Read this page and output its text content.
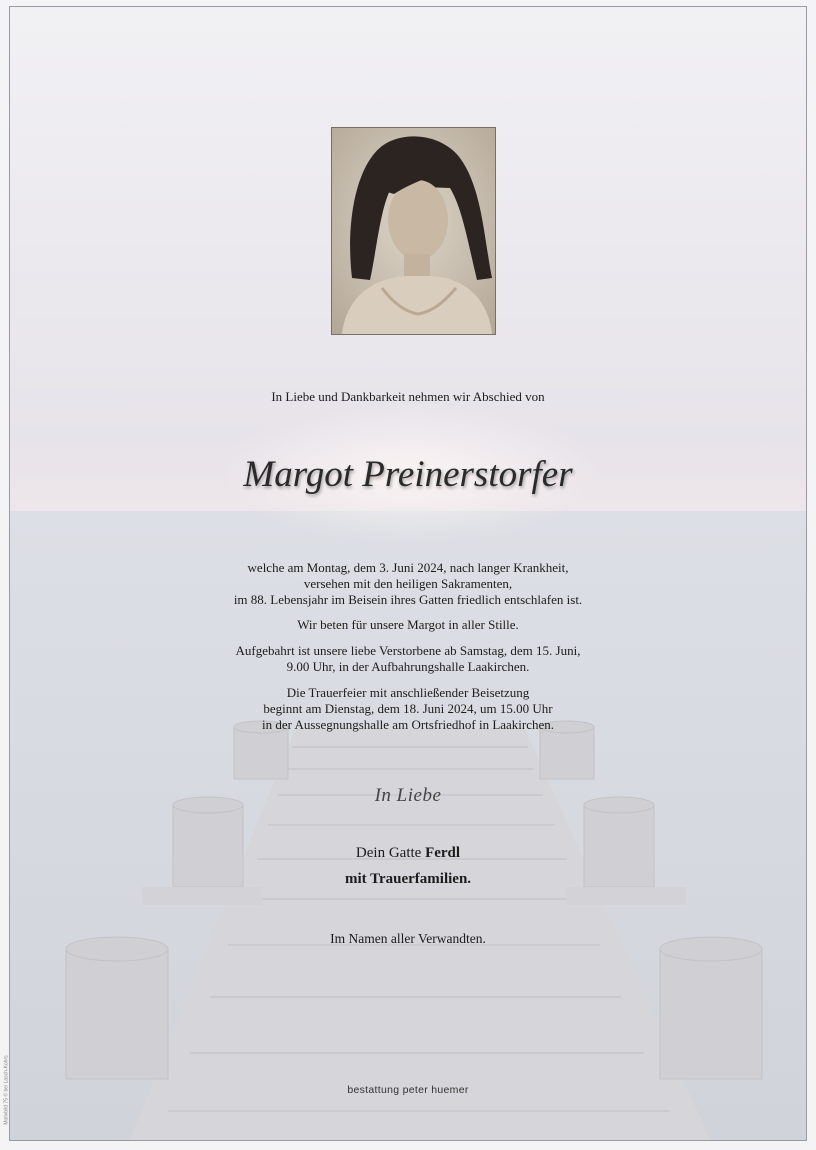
In Liebe und Dankbarkeit nehmen wir Abschied von
Margot Preinerstorfer
welche am Montag, dem 3. Juni 2024, nach langer Krankheit,
versehen mit den heiligen Sakramenten,
im 88. Lebensjahr im Beisein ihres Gatten friedlich entschlafen ist.
Wir beten für unsere Margot in aller Stille.
Aufgebahrt ist unsere liebe Verstorbene ab Samstag, dem 15. Juni,
9.00 Uhr, in der Aufbahrungshalle Laakirchen.
Die Trauerfeier mit anschließender Beisetzung
beginnt am Dienstag, dem 18. Juni 2024, um 15.00 Uhr
in der Aussegnungshalle am Ortsfriedhof in Laakirchen.
In Liebe
Dein Gatte Ferdl
mit Trauerfamilien.
Im Namen aller Verwandten.
bestattung peter huemer
Motivbild 75 © bei Lasch-Kohrs
